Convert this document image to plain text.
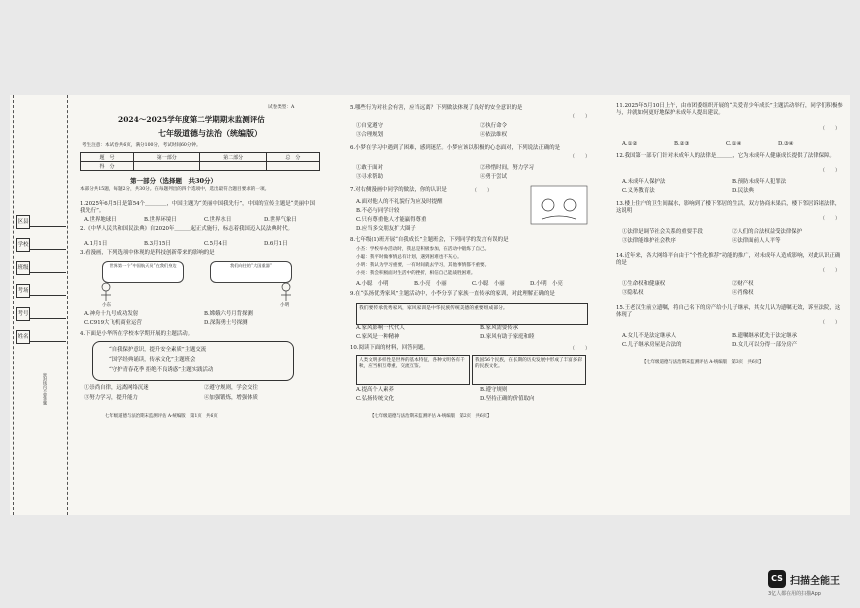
区县
学校
班级
考场
考号
姓名
密封线内不要答题
试卷类型：A
2024～2025学年度第二学期期末监测评估
七年级道德与法治（统编版）
考生注意：本试卷共6页，满分100分，考试时间60分钟。
题　号	第一部分	第二部分	总　分
得　分			
第一部分（选择题　共30分）
本部分共15题，每题2分，共30分。在每题列出的四个选项中，选出最符合题目要求的一项。
1.2025年6月5日是第54个＿＿＿＿，中国主题为“美丽中国我先行”，中国的宣传主题是“美丽中国我先行”。
A.世界地球日	B.世界环境日	C.世界水日	D.世界气象日
2.《中华人民共和国民法典》自2020年＿＿＿起正式施行，标志着我国迈入民法典时代。
A.1月1日	B.3月15日	C.5月4日	D.6月1日
3.看漫画，下列选项中体现的是科技创新带来的影响的是
世界第一个“中国航天员”在我们身边	我们向往的“大国重器”
小东	小明
A.神舟十九号成功发射	B.嫦娥六号月背探测
C.C919大飞机商业运营	D.深海勇士号探测
4.下面是小华所在学校本学期开展的主题活动。
“自我保护意识，提升安全素质”主题交流
“国学经典诵读，传承文化”主题班会
“守护青春花季 拒绝不良诱惑”主题实践活动
①崇尚自律，远离网络沉迷	②遵守规则，学会交往
③努力学习，提升能力	④加强锻炼，增强体质
七年级道德与法治期末监测评估 A-统编版　第1页　共6页
5.哪些行为对社会有害，应当远离？下列做法体现了良好的安全意识的是
（　　）
①自觉遵守	②执行命令
③合理规划	④依法维权
6.小梦在学习中遇到了困难，感到迷茫。小梦应该以积极的心态面对，下列说法正确的是
（　　）
①敢于面对	②珍惜时间，努力学习
③寻求帮助	④勇于尝试
7.对右侧漫画中同学的做法，你的认识是	（　　）
A.面对他人的不礼貌行为应及时提醒
B.不必与同学计较
C.只有尊重他人才能赢得尊重
D.应当多交朋友扩大圈子
8.七年级(1)班开展“自我成长”主题班会，下列同学的发言有误的是
小杰：学校举办活动时，我总是积极参加，在活动中锻炼了自己。
小聪：我平时做事情总有计划，遇到困难也不灰心。
小明：我认为学习重要，一有时间就去学习，其他事情都不重要。
小亮：我会积极面对生活中的挫折，相信自己能战胜困难。
A.小聪　小明	B.小亮　小丽	C.小聪　小丽	D.小明　小亮
9.在“弘扬优秀家风”主题活动中，小李分享了家族一直传承的家训，对此理解正确的是
我们要传承优秀家风，家风家训是中华民族传统美德的重要组成部分。
A.家风影响一代代人	B.家风需要传承
C.家风是一种精神	D.家风有助于家庭和睦
10.阅读下面的材料，回答问题。	（　　）
人类文明多样性是世界的基本特征，各种文明各有千秋，应当相互尊重、交流互鉴。
我国56个民族，在长期的历史发展中形成了丰富多彩的民族文化。
A.提高个人素养	B.遵守规则
C.弘扬传统文化	D.坚持正确的价值取向
【七年级道德与法治期末监测评估 A-统编版　第2页　共6页】
11.2025年5月10日上午，由市团委组织开展的“关爱青少年成长”主题活动举行，同学们积极参与，并就如何更好地保护未成年人提出建议。
（　　）
A.①②	B.②③	C.①④	D.③④
12.我国第一部专门针对未成年人的法律是＿＿＿，它为未成年人健康成长提供了法律保障。
（　　）
A.未成年人保护法	B.预防未成年人犯罪法
C.义务教育法	D.民法典
13.楼上住户的卫生间漏水，影响到了楼下邻居的生活，双方协商未果后，楼下邻居诉诸法律，这说明
（　　）
①法律是调节社会关系的重要手段	②人们的合法权益受法律保护
③法律能维护社会秩序	④法律面前人人平等
14.近年来，各大网络平台由于“个性化推荐”功能的推广，对未成年人造成影响，对此认识正确的是
（　　）
①生命权和健康权	②财产权
③隐私权	④肖像权
15.王老汉生前立遗嘱，将自己名下的房产给小儿子继承，其女儿认为遗嘱无效，诉至法院，这体现了
（　　）
A.女儿不是法定继承人	B.遗嘱继承优先于法定继承
C.儿子继承房屋是合法的	D.女儿可以分得一部分房产
【七年级道德与法治期末监测评估 A-统编版　第3页　共6页】
CS 扫描全能王
3亿人都在用的扫描App
